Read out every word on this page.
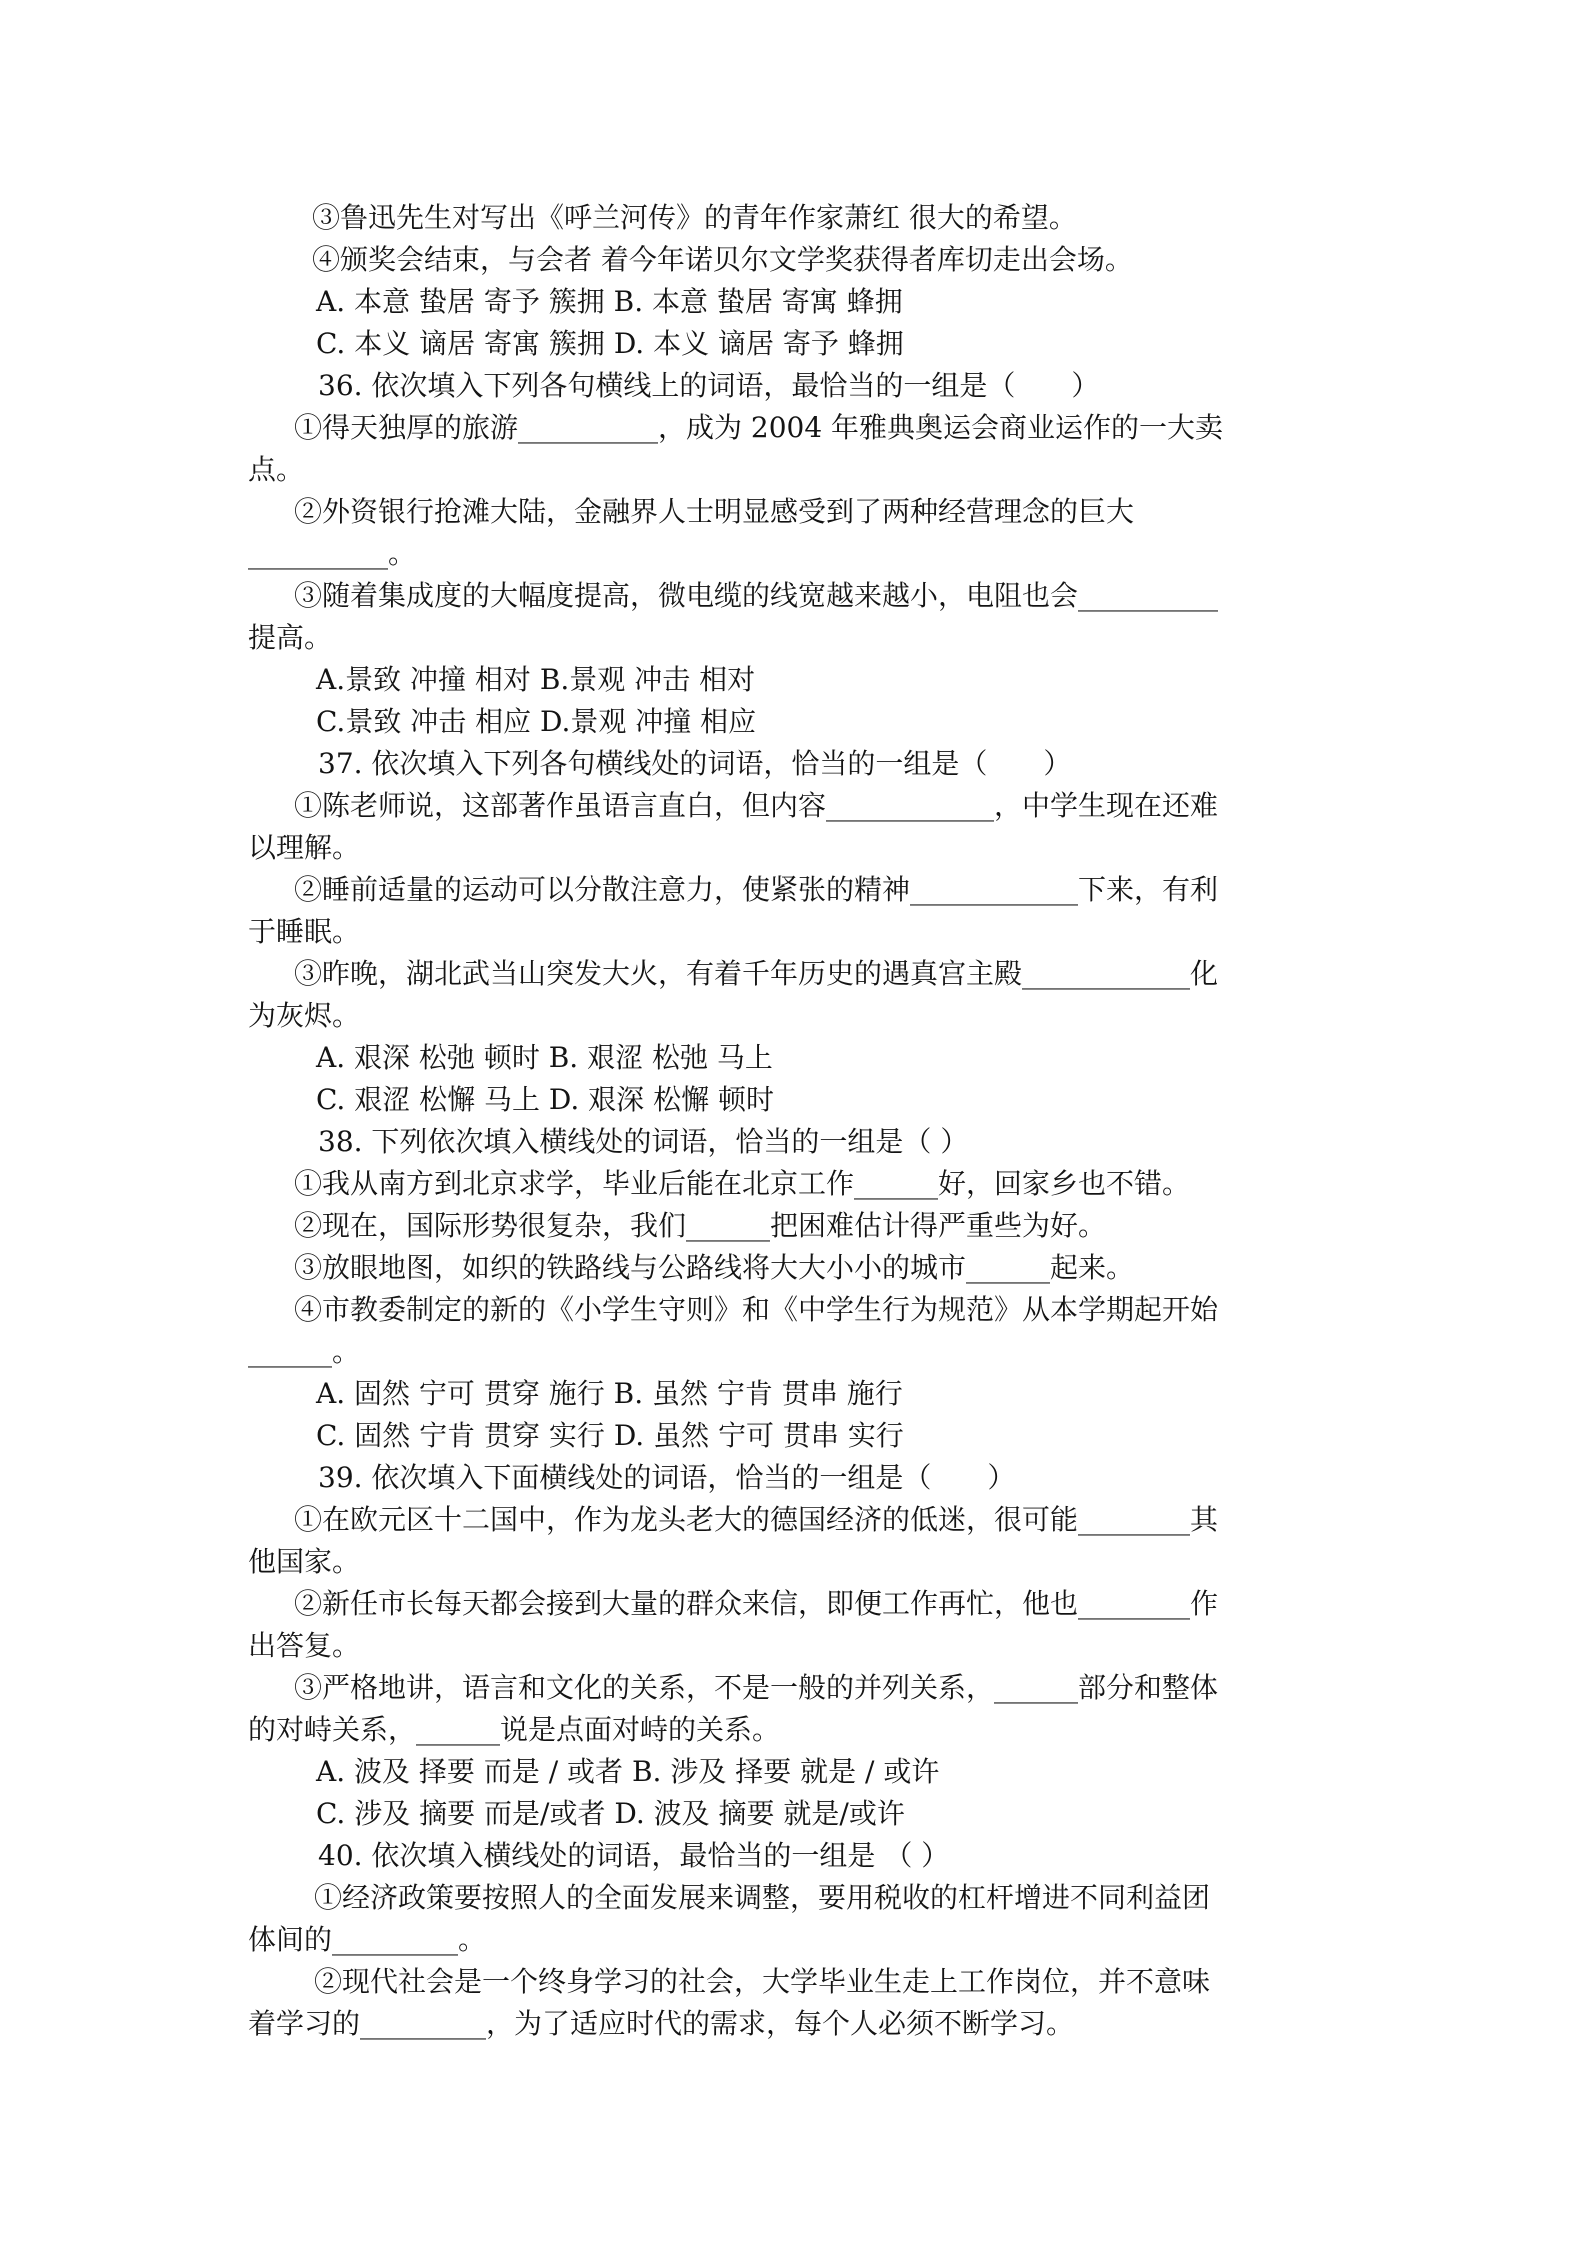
③鲁迅先生对写出《呼兰河传》的青年作家萧红 很大的希望。
④颁奖会结束，与会者 着今年诺贝尔文学奖获得者库切走出会场。
A. 本意 蛰居 寄予 簇拥 B. 本意 蛰居 寄寓 蜂拥
C. 本义 谪居 寄寓 簇拥 D. 本义 谪居 寄予 蜂拥
36. 依次填入下列各句横线上的词语，最恰当的一组是（　　）
①得天独厚的旅游__________，成为 2004 年雅典奥运会商业运作的一大卖
点。
②外资银行抢滩大陆，金融界人士明显感受到了两种经营理念的巨大
__________。
③随着集成度的大幅度提高，微电缆的线宽越来越小，电阻也会__________
提高。
A.景致 冲撞 相对 B.景观 冲击 相对
C.景致 冲击 相应 D.景观 冲撞 相应
37. 依次填入下列各句横线处的词语，恰当的一组是（　　）
①陈老师说，这部著作虽语言直白，但内容____________，中学生现在还难
以理解。
②睡前适量的运动可以分散注意力，使紧张的精神____________下来，有利
于睡眠。
③昨晚，湖北武当山突发大火，有着千年历史的遇真宫主殿____________化
为灰烬。
A. 艰深 松弛 顿时 B. 艰涩 松弛 马上
C. 艰涩 松懈 马上 D. 艰深 松懈 顿时
38. 下列依次填入横线处的词语，恰当的一组是（ ）
①我从南方到北京求学，毕业后能在北京工作______好，回家乡也不错。
②现在，国际形势很复杂，我们______把困难估计得严重些为好。
③放眼地图，如织的铁路线与公路线将大大小小的城市______起来。
④市教委制定的新的《小学生守则》和《中学生行为规范》从本学期起开始
______。
A. 固然 宁可 贯穿 施行 B. 虽然 宁肯 贯串 施行
C. 固然 宁肯 贯穿 实行 D. 虽然 宁可 贯串 实行
39. 依次填入下面横线处的词语，恰当的一组是（　　）
①在欧元区十二国中，作为龙头老大的德国经济的低迷，很可能________其
他国家。
②新任市长每天都会接到大量的群众来信，即便工作再忙，他也________作
出答复。
③严格地讲，语言和文化的关系，不是一般的并列关系，______部分和整体
的对峙关系，______说是点面对峙的关系。
A. 波及 择要 而是 / 或者 B. 涉及 择要 就是 / 或许
C. 涉及 摘要 而是/或者 D. 波及 摘要 就是/或许
40. 依次填入横线处的词语，最恰当的一组是 （ ）
①经济政策要按照人的全面发展来调整，要用税收的杠杆增进不同利益团
体间的_________。
②现代社会是一个终身学习的社会，大学毕业生走上工作岗位，并不意味
着学习的_________，为了适应时代的需求，每个人必须不断学习。
